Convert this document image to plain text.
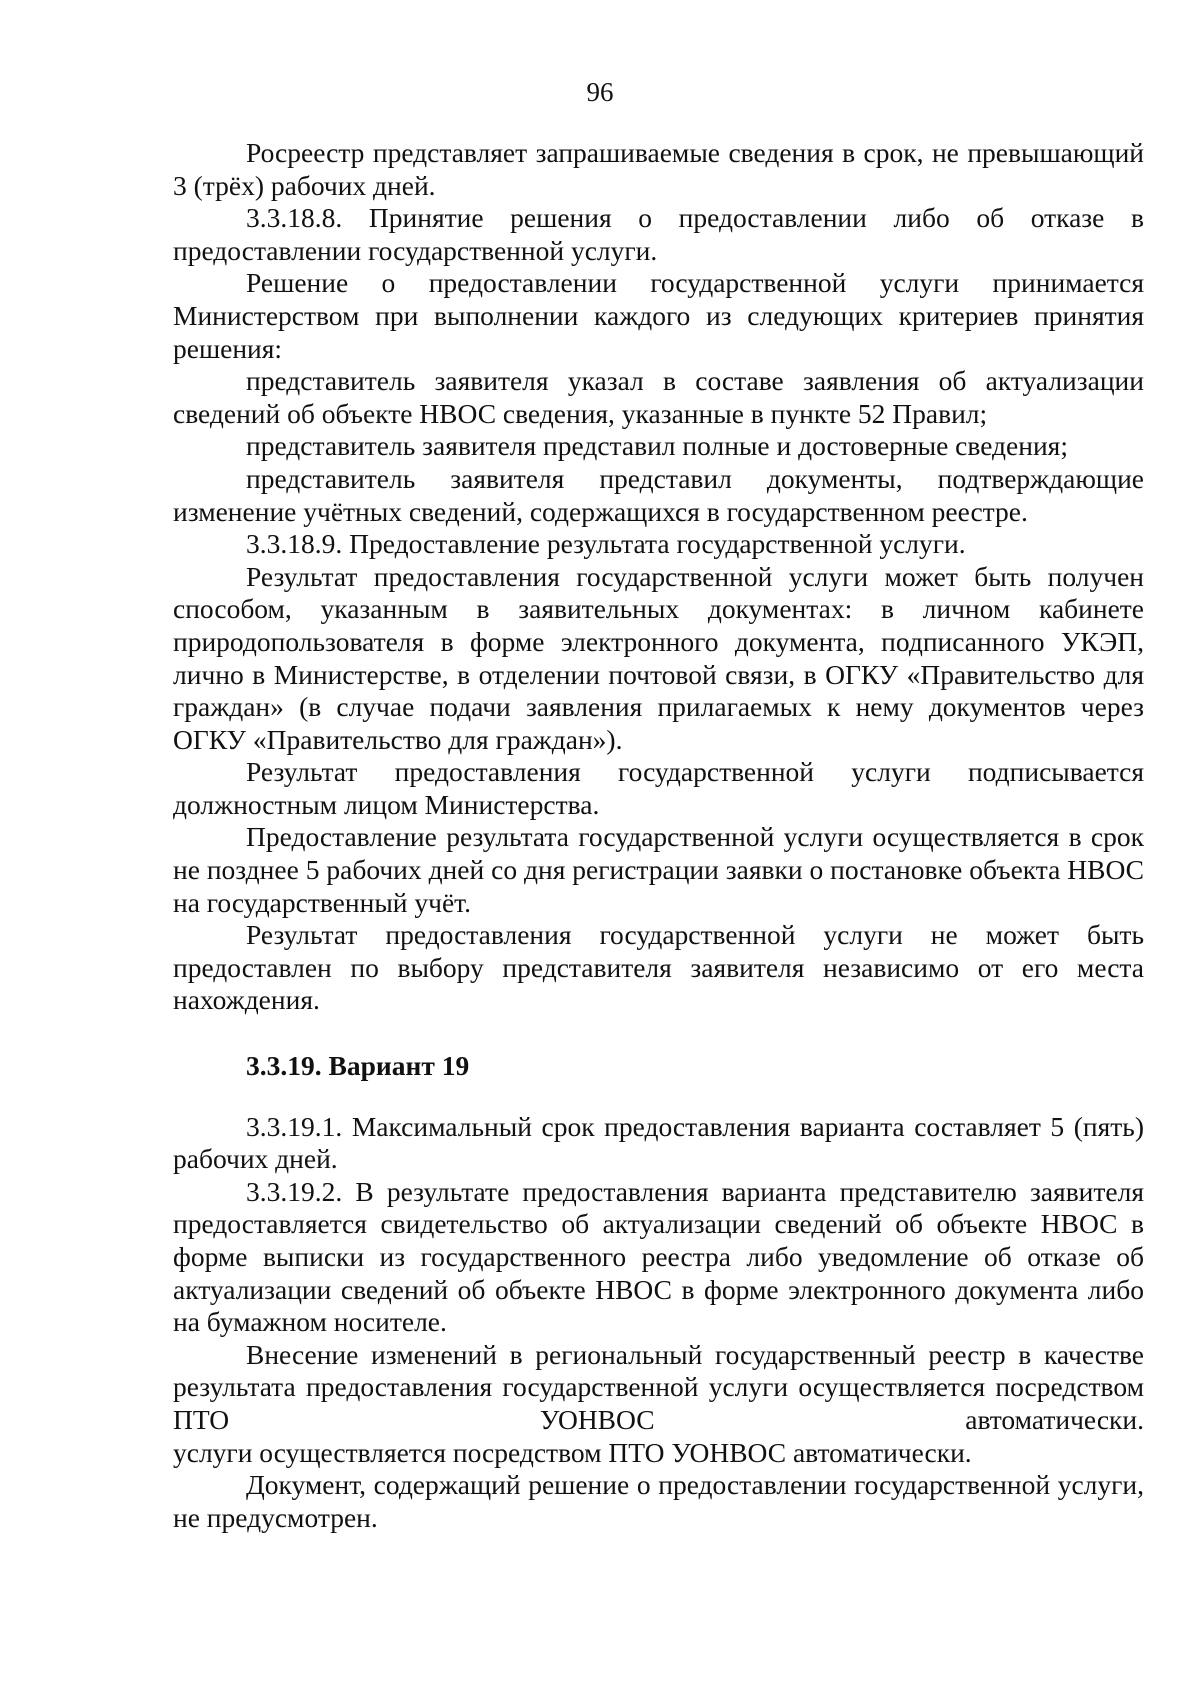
96

Росреестр представляет запрашиваемые сведения в срок, не превышающий 3 (трёх) рабочих дней.

3.3.18.8. Принятие решения о предоставлении либо об отказе в предоставлении государственной услуги.

Решение о предоставлении государственной услуги принимается Министерством при выполнении каждого из следующих критериев принятия решения:

представитель заявителя указал в составе заявления об актуализации сведений об объекте НВОС сведения, указанные в пункте 52 Правил;

представитель заявителя представил полные и достоверные сведения;

представитель заявителя представил документы, подтверждающие изменение учётных сведений, содержащихся в государственном реестре.

3.3.18.9. Предоставление результата государственной услуги.

Результат предоставления государственной услуги может быть получен способом, указанным в заявительных документах: в личном кабинете природопользователя в форме электронного документа, подписанного УКЭП, лично в Министерстве, в отделении почтовой связи, в ОГКУ «Правительство для граждан» (в случае подачи заявления прилагаемых к нему документов через ОГКУ «Правительство для граждан»).

Результат предоставления государственной услуги подписывается должностным лицом Министерства.

Предоставление результата государственной услуги осуществляется в срок не позднее 5 рабочих дней со дня регистрации заявки о постановке объекта НВОС на государственный учёт.

Результат предоставления государственной услуги не может быть предоставлен по выбору представителя заявителя независимо от его места нахождения.

3.3.19. Вариант 19

3.3.19.1. Максимальный срок предоставления варианта составляет 5 (пять) рабочих дней.

3.3.19.2. В результате предоставления варианта представителю заявителя предоставляется свидетельство об актуализации сведений об объекте НВОС в форме выписки из государственного реестра либо уведомление об отказе об актуализации сведений об объекте НВОС в форме электронного документа либо на бумажном носителе.

Внесение изменений в региональный государственный реестр в качестве результата предоставления государственной услуги осуществляется посредством ПТО УОНВОС автоматически.

услуги осуществляется посредством ПТО УОНВОС автоматически.

Документ, содержащий решение о предоставлении государственной услуги, не предусмотрен.
